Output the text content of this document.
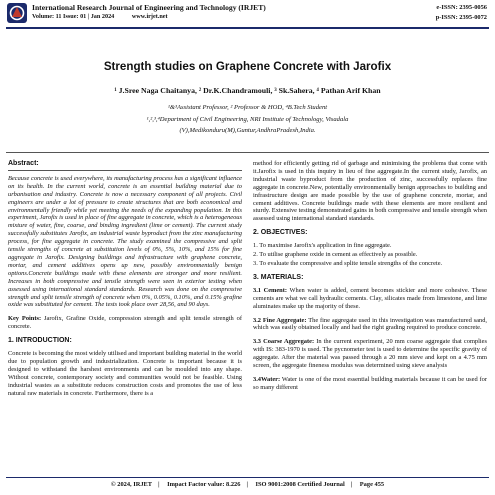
International Research Journal of Engineering and Technology (IRJET)
Volume: 11 Issue: 01 | Jan 2024	www.irjet.net
e-ISSN: 2395-0056
p-ISSN: 2395-0072
Strength studies on Graphene Concrete with Jarofix
¹ J.Sree Naga Chaitanya, ² Dr.K.Chandramouli, ³ Sk.Sahera, ⁴ Pathan Arif Khan
¹&³Assistant Professor, ² Professor & HOD, ⁴B.Tech Student
¹,²,³,⁴Department of Civil Engineering, NRI Institute of Technology, Visadala
(V),Medikonduru(M),Guntur,AndhraPradesh,India.
Abstract:

Because concrete is used everywhere, its manufacturing process has a significant influence on its health. In the current world, concrete is an essential building material due to urbanisation and industry. Concrete is now a necessary component of all projects. Civil engineers are under a lot of pressure to create structures that are both economical and environmentally friendly while yet meeting the needs of the expanding population. In this experiment, Jarofix is used in place of fine aggregate in concrete, which is a heterogeneous mixture of water, fine, coarse, and binding ingredient (lime or cement). The current study successfully substitutes Jarofix, an industrial waste byproduct from the zinc manufacturing process, for fine aggregate in concrete. The study examined the compressive and split tensile strengths of concrete at substitution levels of 0%, 5%, 10%, and 15% for fine aggregate in Jarofix. Designing buildings and infrastructure with graphene concrete, mortar, and cement additives opens up new, possibly environmentally benign options.Concrete buildings made with these elements are stronger and more resilient. Increases in both compressive and tensile strength were seen in exterior testing when assessed using international standard standards. Research was done on the compressive strength and split tensile strength of concrete when 0%, 0.05%, 0.10%, and 0.15% grafine oxide was substituted for cement. The tests took place over 28,56, and 90 days.

Key Points: Jarofix, Grafine Oxide, compression strength and split tensile strength of concrete.

1. INTRODUCTION:

Concrete is becoming the most widely utilised and important building material in the world due to population growth and industrialization. Concrete is important because it is designed to withstand the harshest environments and can be moulded into any shape. Without concrete, contemporary society and communities would not be feasible. Using industrial wastes as a substitute reduces construction costs and promotes the use of less natural raw materials in concrete. Furthermore, there is a

method for efficiently getting rid of garbage and minimising the problems that come with it.Jarofix is used in this inquiry in lieu of fine aggregate.In the current study, Jarofix, an industrial waste byproduct from the production of zinc, successfully replaces fine aggregate in concrete.New, potentially environmentally benign approaches to building and infrastructure design are made possible by the use of graphene concrete, mortar, and cement additives. Concrete buildings made with these elements are more resilient and sturdy. Extensive testing demonstrated gains in both compressive and tensile strength when assessed using international standard standards.

2. OBJECTIVES:

1. To maximise Jarofix's application in fine aggregate.

2. To utilise graphene oxide in cement as effectively as possible.

3. To evaluate the compressive and splite tensile strengths of the concrete.

3. MATERIALS:

3.1 Cement: When water is added, cement becomes stickier and more cohesive. These cements are what we call hydraulic cements. Clay, silicates made from limestone, and lime aluminates make up the majority of these.

3.2 Fine Aggregate: The fine aggregate used in this investigation was manufactured sand, which was easily obtained locally and had the right grading required to produce concrete.

3.3 Coarse Aggregate: In the current experiment, 20 mm coarse aggregate that complies with IS: 383-1970 is used. The pycnometer test is used to determine the specific gravity of aggregate. After the material was passed through a 20 mm sieve and kept on a 4.75 mm screen, the aggregate fineness modulus was determined using sieve analysis

3.4Water: Water is one of the most essential building materials because it can be used for so many different

© 2024, IRJET | Impact Factor value: 8.226 | ISO 9001:2008 Certified Journal | Page 455
